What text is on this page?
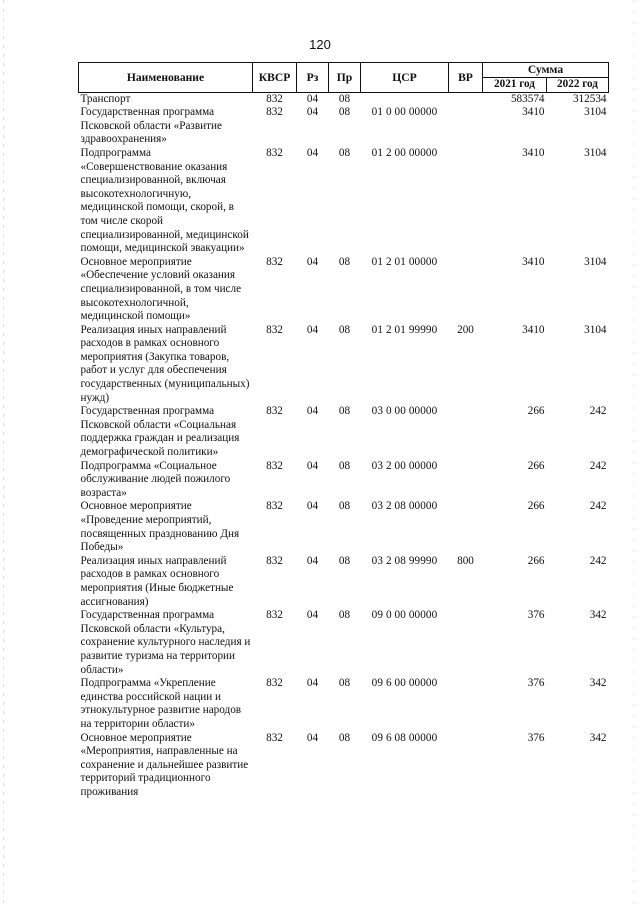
120
Наименование	КВСР	Рз	Пр	ЦСР	ВР	Сумма	
						2021 год	2022 год
Транспорт	832	04	08			583574	312534
Государственная программа Псковской области «Развитие здравоохранения»	832	04	08	01 0 00 00000		3410	3104
Подпрограмма «Совершенствование оказания специализированной, включая высокотехнологичную, медицинской помощи, скорой, в том числе скорой специализированной, медицинской помощи, медицинской эвакуации»	832	04	08	01 2 00 00000		3410	3104
Основное мероприятие «Обеспечение условий оказания специализированной, в том числе высокотехнологичной, медицинской помощи»	832	04	08	01 2 01 00000		3410	3104
Реализация иных направлений расходов в рамках основного мероприятия (Закупка товаров, работ и услуг для обеспечения государственных (муниципальных) нужд)	832	04	08	01 2 01 99990	200	3410	3104
Государственная программа Псковской области «Социальная поддержка граждан и реализация демографической политики»	832	04	08	03 0 00 00000		266	242
Подпрограмма «Социальное обслуживание людей пожилого возраста»	832	04	08	03 2 00 00000		266	242
Основное мероприятие «Проведение мероприятий, посвященных празднованию Дня Победы»	832	04	08	03 2 08 00000		266	242
Реализация иных направлений расходов в рамках основного мероприятия (Иные бюджетные ассигнования)	832	04	08	03 2 08 99990	800	266	242
Государственная программа Псковской области «Культура, сохранение культурного наследия и развитие туризма на территории области»	832	04	08	09 0 00 00000		376	342
Подпрограмма «Укрепление единства российской нации и этнокультурное развитие народов на территории области»	832	04	08	09 6 00 00000		376	342
Основное мероприятие «Мероприятия, направленные на сохранение и дальнейшее развитие территорий традиционного проживания	832	04	08	09 6 08 00000		376	342
